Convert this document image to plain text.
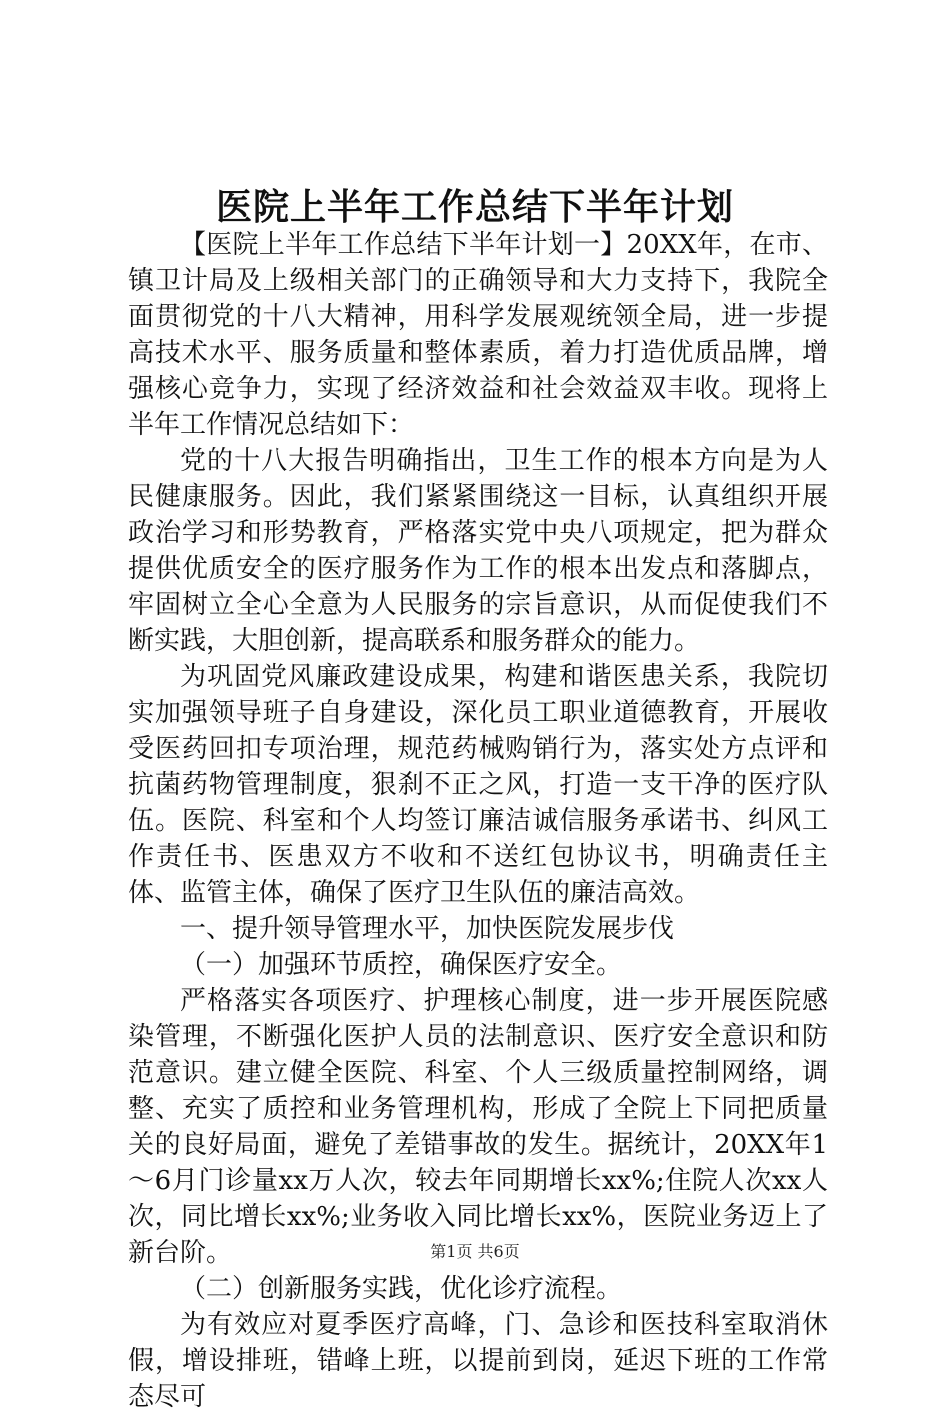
医院上半年工作总结下半年计划

【医院上半年工作总结下半年计划一】20XX年，在市、镇卫计局及上级相关部门的正确领导和大力支持下，我院全面贯彻党的十八大精神，用科学发展观统领全局，进一步提高技术水平、服务质量和整体素质，着力打造优质品牌，增强核心竞争力，实现了经济效益和社会效益双丰收。现将上半年工作情况总结如下：

党的十八大报告明确指出，卫生工作的根本方向是为人民健康服务。因此，我们紧紧围绕这一目标，认真组织开展政治学习和形势教育，严格落实党中央八项规定，把为群众提供优质安全的医疗服务作为工作的根本出发点和落脚点，牢固树立全心全意为人民服务的宗旨意识，从而促使我们不断实践，大胆创新，提高联系和服务群众的能力。

为巩固党风廉政建设成果，构建和谐医患关系，我院切实加强领导班子自身建设，深化员工职业道德教育，开展收受医药回扣专项治理，规范药械购销行为，落实处方点评和抗菌药物管理制度，狠刹不正之风，打造一支干净的医疗队伍。医院、科室和个人均签订廉洁诚信服务承诺书、纠风工作责任书、医患双方不收和不送红包协议书，明确责任主体、监管主体，确保了医疗卫生队伍的廉洁高效。

一、提升领导管理水平，加快医院发展步伐

（一）加强环节质控，确保医疗安全。

严格落实各项医疗、护理核心制度，进一步开展医院感染管理，不断强化医护人员的法制意识、医疗安全意识和防范意识。建立健全医院、科室、个人三级质量控制网络，调整、充实了质控和业务管理机构，形成了全院上下同把质量关的良好局面，避免了差错事故的发生。据统计，20XX年1～6月门诊量xx万人次，较去年同期增长xx%;住院人次xx人次，同比增长xx%;业务收入同比增长xx%，医院业务迈上了新台阶。

（二）创新服务实践，优化诊疗流程。

为有效应对夏季医疗高峰，门、急诊和医技科室取消休假，增设排班，错峰上班，以提前到岗，延迟下班的工作常态尽可

第1页 共6页
